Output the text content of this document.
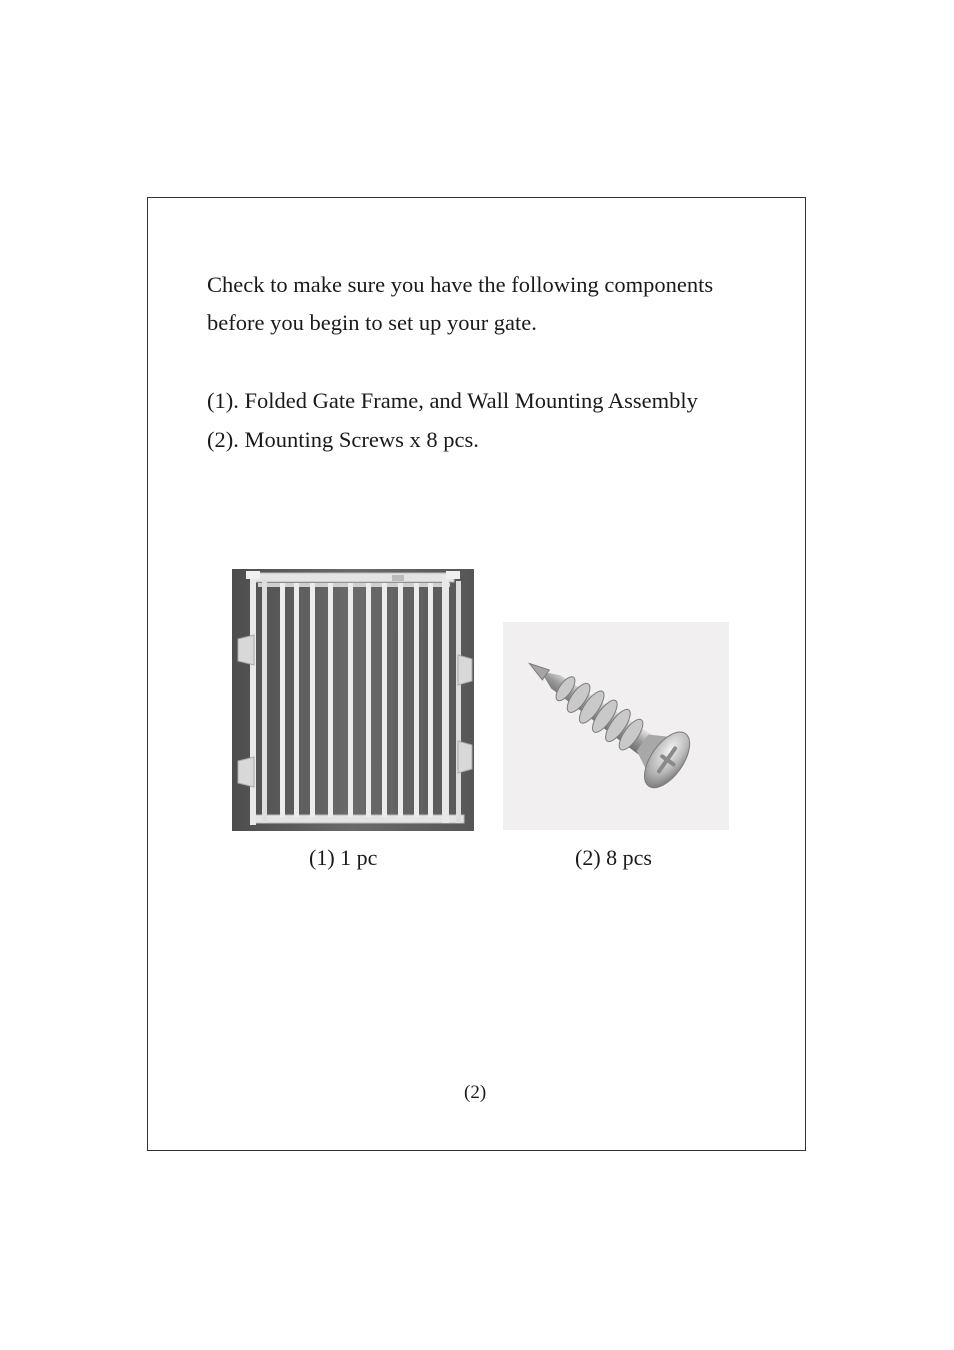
Check to make sure you have the following components
before you begin to set up your gate.

(1). Folded Gate Frame, and Wall Mounting Assembly
(2). Mounting Screws x 8 pcs.
(1) 1 pc	(2) 8 pcs
(2)
